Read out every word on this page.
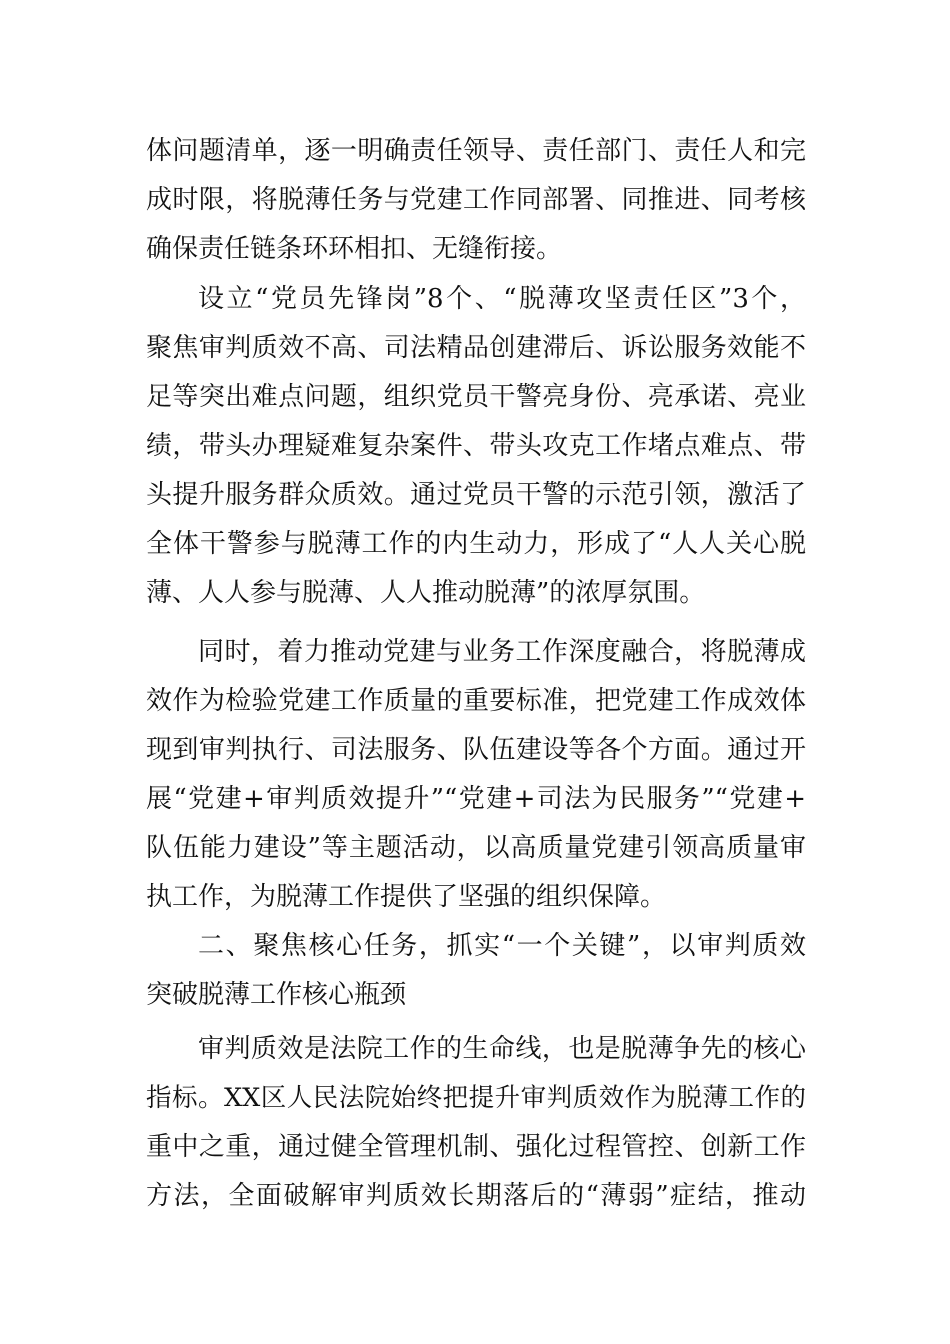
体问题清单，逐一明确责任领导、责任部门、责任人和完
成时限，将脱薄任务与党建工作同部署、同推进、同考核
确保责任链条环环相扣、无缝衔接。
设立“党员先锋岗”8个、“脱薄攻坚责任区”3个，
聚焦审判质效不高、司法精品创建滞后、诉讼服务效能不
足等突出难点问题，组织党员干警亮身份、亮承诺、亮业
绩，带头办理疑难复杂案件、带头攻克工作堵点难点、带
头提升服务群众质效。通过党员干警的示范引领，激活了
全体干警参与脱薄工作的内生动力，形成了“人人关心脱
薄、人人参与脱薄、人人推动脱薄”的浓厚氛围。
同时，着力推动党建与业务工作深度融合，将脱薄成
效作为检验党建工作质量的重要标准，把党建工作成效体
现到审判执行、司法服务、队伍建设等各个方面。通过开
展“党建+审判质效提升”“党建+司法为民服务”“党建+
队伍能力建设”等主题活动，以高质量党建引领高质量审
执工作，为脱薄工作提供了坚强的组织保障。
二、聚焦核心任务，抓实“一个关键”，以审判质效
突破脱薄工作核心瓶颈
审判质效是法院工作的生命线，也是脱薄争先的核心
指标。XX区人民法院始终把提升审判质效作为脱薄工作的
重中之重，通过健全管理机制、强化过程管控、创新工作
方法，全面破解审判质效长期落后的“薄弱”症结，推动
